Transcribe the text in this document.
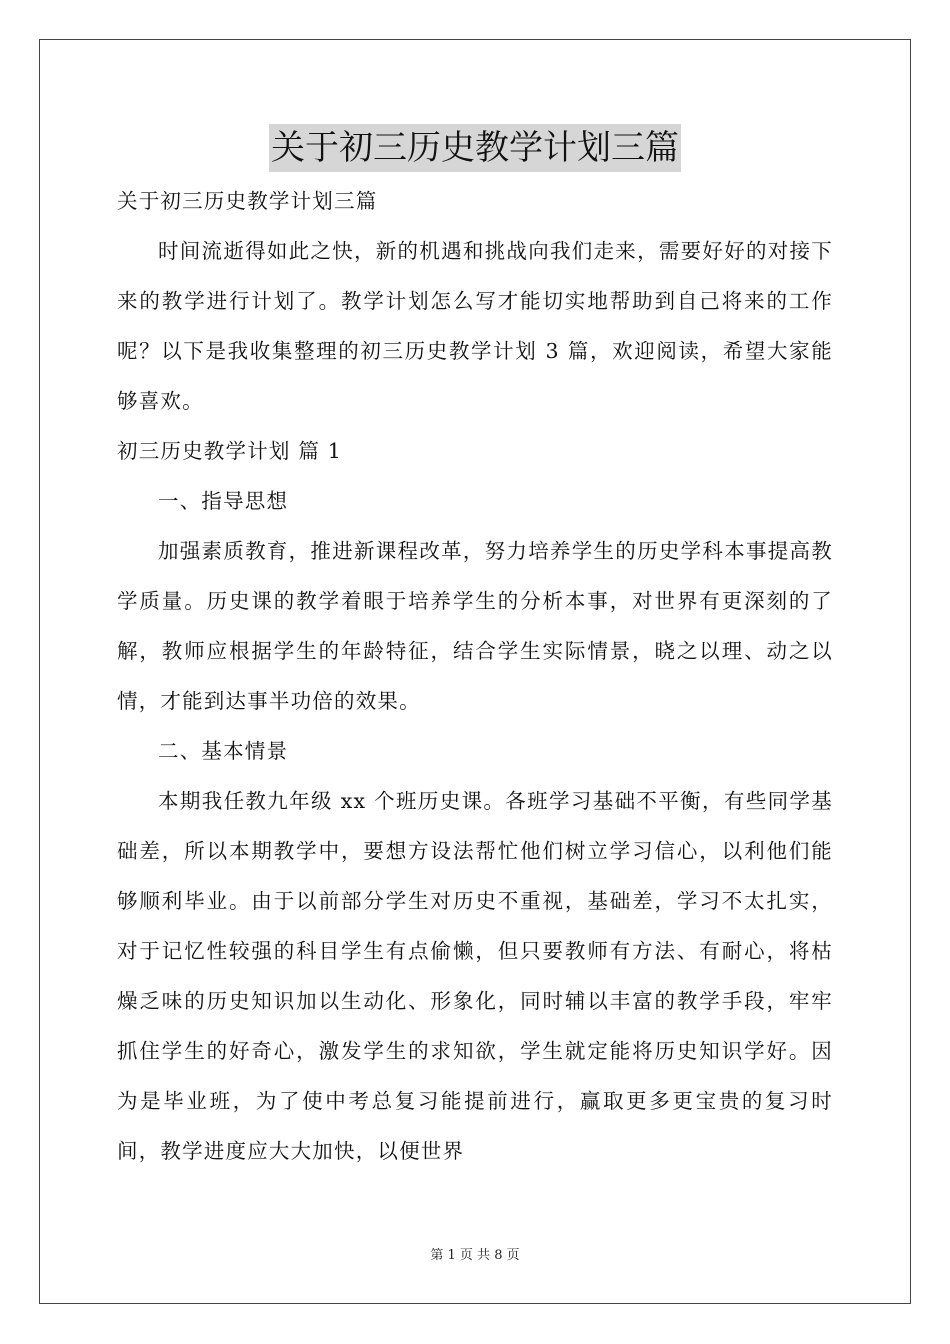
关于初三历史教学计划三篇

关于初三历史教学计划三篇

时间流逝得如此之快，新的机遇和挑战向我们走来，需要好好的对接下来的教学进行计划了。教学计划怎么写才能切实地帮助到自己将来的工作呢？以下是我收集整理的初三历史教学计划 3 篇，欢迎阅读，希望大家能够喜欢。

初三历史教学计划 篇 1

一、指导思想

加强素质教育，推进新课程改革，努力培养学生的历史学科本事提高教学质量。历史课的教学着眼于培养学生的分析本事，对世界有更深刻的了解，教师应根据学生的年龄特征，结合学生实际情景，晓之以理、动之以情，才能到达事半功倍的效果。

二、基本情景

本期我任教九年级 xx 个班历史课。各班学习基础不平衡，有些同学基础差，所以本期教学中，要想方设法帮忙他们树立学习信心，以利他们能够顺利毕业。由于以前部分学生对历史不重视，基础差，学习不太扎实，对于记忆性较强的科目学生有点偷懒，但只要教师有方法、有耐心，将枯燥乏味的历史知识加以生动化、形象化，同时辅以丰富的教学手段，牢牢抓住学生的好奇心，激发学生的求知欲，学生就定能将历史知识学好。因为是毕业班，为了使中考总复习能提前进行，赢取更多更宝贵的复习时间，教学进度应大大加快，以便世界

第 1 页 共 8 页
